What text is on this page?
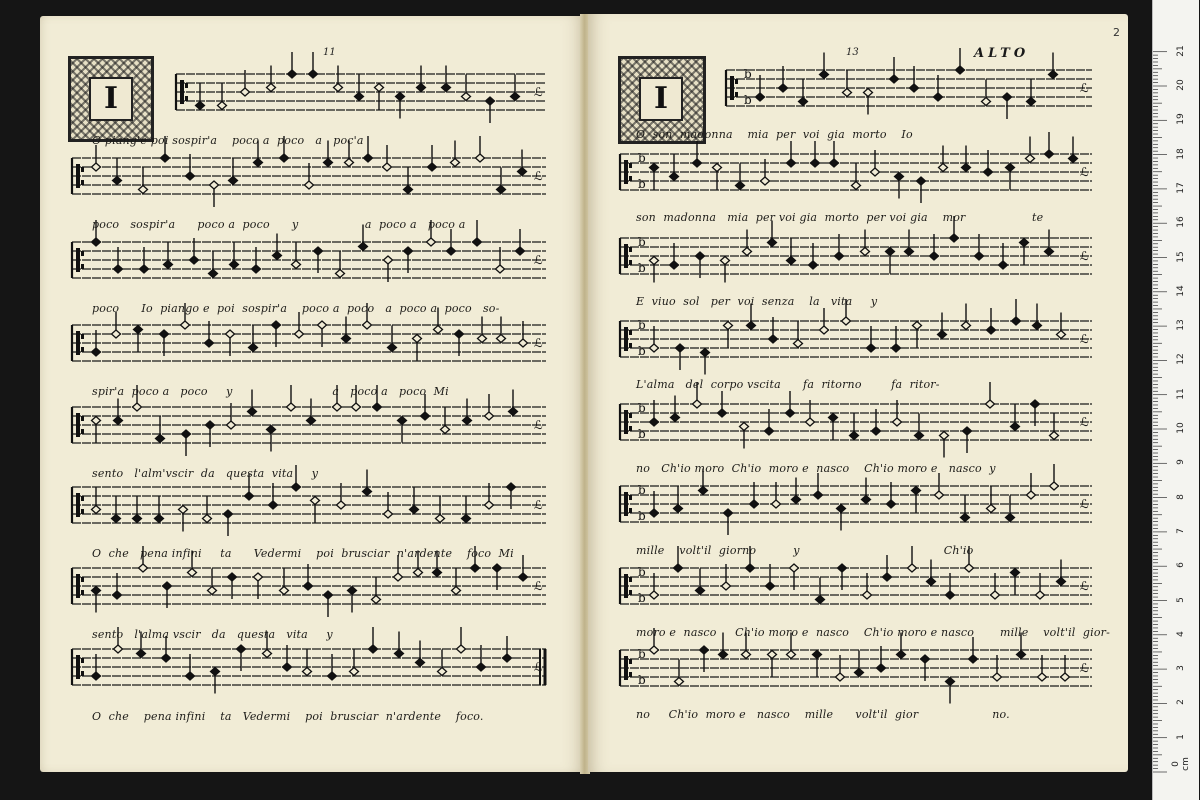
11
I	ℒ
ℒ
ℒ
ℒ
ℒ
ℒ
ℒ
ℒ
O piang'e poi sospir'a    poco a  poco   a   poc'a
poco   sospir'a      poco a  poco      y                  a  poco a   poco a
poco      Io  piango e  poi  sospir'a    poco a  poco   a  poco a  poco   so-
spir'a  poco a   poco     y                           a   poco a   poco  Mi
sento   l'alm'vscir  da   questa  vita     y
O  che   pena infini     ta      Vedermi    poi  brusciar  n'ardente    foco  Mi
sento   l'alma vscir   da   questa   vita     y
O  che    pena infini    ta   Vedermi    poi  brusciar  n'ardente    foco.
13	ALTO
I
b
b
ℒ
b
b
ℒ
b
b
ℒ
b
b
ℒ
b
b
ℒ
b
b
ℒ
b
b
ℒ
b
b
ℒ
O  son  madonna    mia  per  voi  gia  morto    Io
son  madonna   mia  per voi gia  morto  per voi gia    mor                  te
E  viuo  sol   per  voi  senza    la   vita     y
L'alma   del  corpo vscita      fa  ritorno        fa  ritor-
no   Ch'io moro  Ch'io  moro e  nasco    Ch'io moro e   nasco  y
mille    volt'il  giorno          y                                       Ch'io
moro e  nasco     Ch'io moro e  nasco    Ch'io moro e nasco       mille    volt'il  gior-
no     Ch'io  moro e   nasco    mille      volt'il  gior                    no.
2
0 cm
1
2
3
4
5
6
7
8
9
10
11
12
13
14
15
16
17
18
19
20
21
